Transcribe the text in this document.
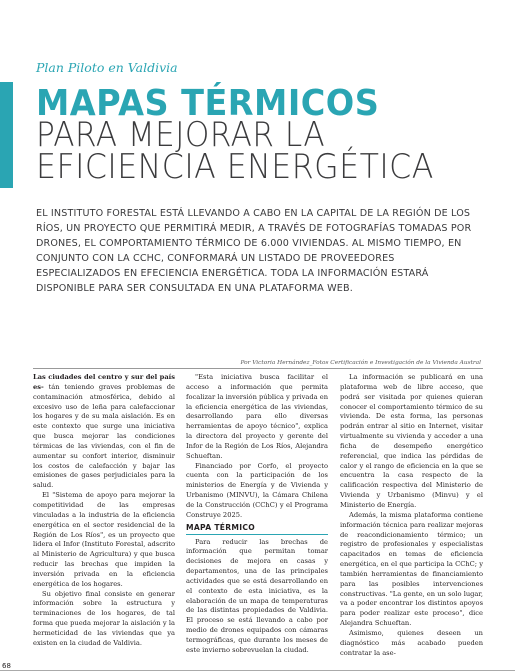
Plan Piloto en Valdivia
MAPAS TÉRMICOS
PARA MEJORAR LA
EFICIENCIA ENERGÉTICA
EL INSTITUTO FORESTAL ESTÁ LLEVANDO A CABO EN LA CAPITAL DE LA REGIÓN DE LOS RÍOS, UN PROYECTO QUE PERMITIRÁ MEDIR, A TRAVÉS DE FOTOGRAFÍAS TOMADAS POR DRONES, EL COMPORTAMIENTO TÉRMICO DE 6.000 VIVIENDAS. AL MISMO TIEMPO, EN CONJUNTO CON LA CCHC, CONFORMARÁ UN LISTADO DE PROVEEDORES ESPECIALIZADOS EN EFECIENCIA ENERGÉTICA. TODA LA INFORMACIÓN ESTARÁ DISPONIBLE PARA SER CONSULTADA EN UNA PLATAFORMA WEB.
Por Victoria Hernández_Fotos Certificación e Investigación de la Vivienda Austral

Las ciudades del centro y sur del país es- tán teniendo graves problemas de contaminación atmosférica, debido al excesivo uso de leña para calefaccionar los hogares y de su mala aislación. Es en este contexto que surge una iniciativa que busca mejorar las condiciones térmicas de las viviendas, con el fin de aumentar su confort interior, disminuir los costos de calefacción y bajar las emisiones de gases perjudiciales para la salud.

El "Sistema de apoyo para mejorar la competitividad de las empresas vinculadas a la industria de la eficiencia energética en el sector residencial de la Región de Los Ríos", es un proyecto que lidera el Infor (Instituto Forestal, adscrito al Ministerio de Agricultura) y que busca reducir las brechas que impiden la inversión privada en la eficiencia energética de los hogares.

Su objetivo final consiste en generar información sobre la estructura y terminaciones de los hogares, de tal forma que pueda mejorar la aislación y la hermeticidad de las viviendas que ya existen en la ciudad de Valdivia.

"Esta iniciativa busca facilitar el acceso a información que permita focalizar la inversión pública y privada en la eficiencia energética de las viviendas, desarrollando para ello diversas herramientas de apoyo técnico", explica la directora del proyecto y gerente del Infor de la Región de Los Ríos, Alejandra Schueftan.

Financiado por Corfo, el proyecto cuenta con la participación de los ministerios de Energía y de Vivienda y Urbanismo (MINVU), la Cámara Chilena de la Construcción (CChC) y el Programa Construye 2025.

MAPA TÉRMICO

Para reducir las brechas de información que permitan tomar decisiones de mejora en casas y departamentos, una de las principales actividades que se está desarrollando en el contexto de esta iniciativa, es la elaboración de un mapa de temperaturas de las distintas propiedades de Valdivia. El proceso se está llevando a cabo por medio de drones equipados con cámaras termográficas, que durante los meses de este invierno sobrevuelan la ciudad.

La información se publicará en una plataforma web de libre acceso, que podrá ser visitada por quienes quieran conocer el comportamiento térmico de su vivienda. De esta forma, las personas podrán entrar al sitio en Internet, visitar virtualmente su vivienda y acceder a una ficha de desempeño energético referencial, que indica las pérdidas de calor y el rango de eficiencia en la que se encuentra la casa respecto de la calificación respectiva del Ministerio de Vivienda y Urbanismo (Minvu) y el Ministerio de Energía.

Además, la misma plataforma contiene información técnica para realizar mejoras de reacondicionamiento térmico; un registro de profesionales y especialistas capacitados en temas de eficiencia energética, en el que participa la CChC; y también herramientas de financiamiento para las posibles intervenciones constructivas. "La gente, en un solo lugar, va a poder encontrar los distintos apoyos para poder realizar este proceso", dice Alejandra Schueftan.

Asimismo, quienes deseen un diagnóstico más acabado pueden contratar la ase-

68
